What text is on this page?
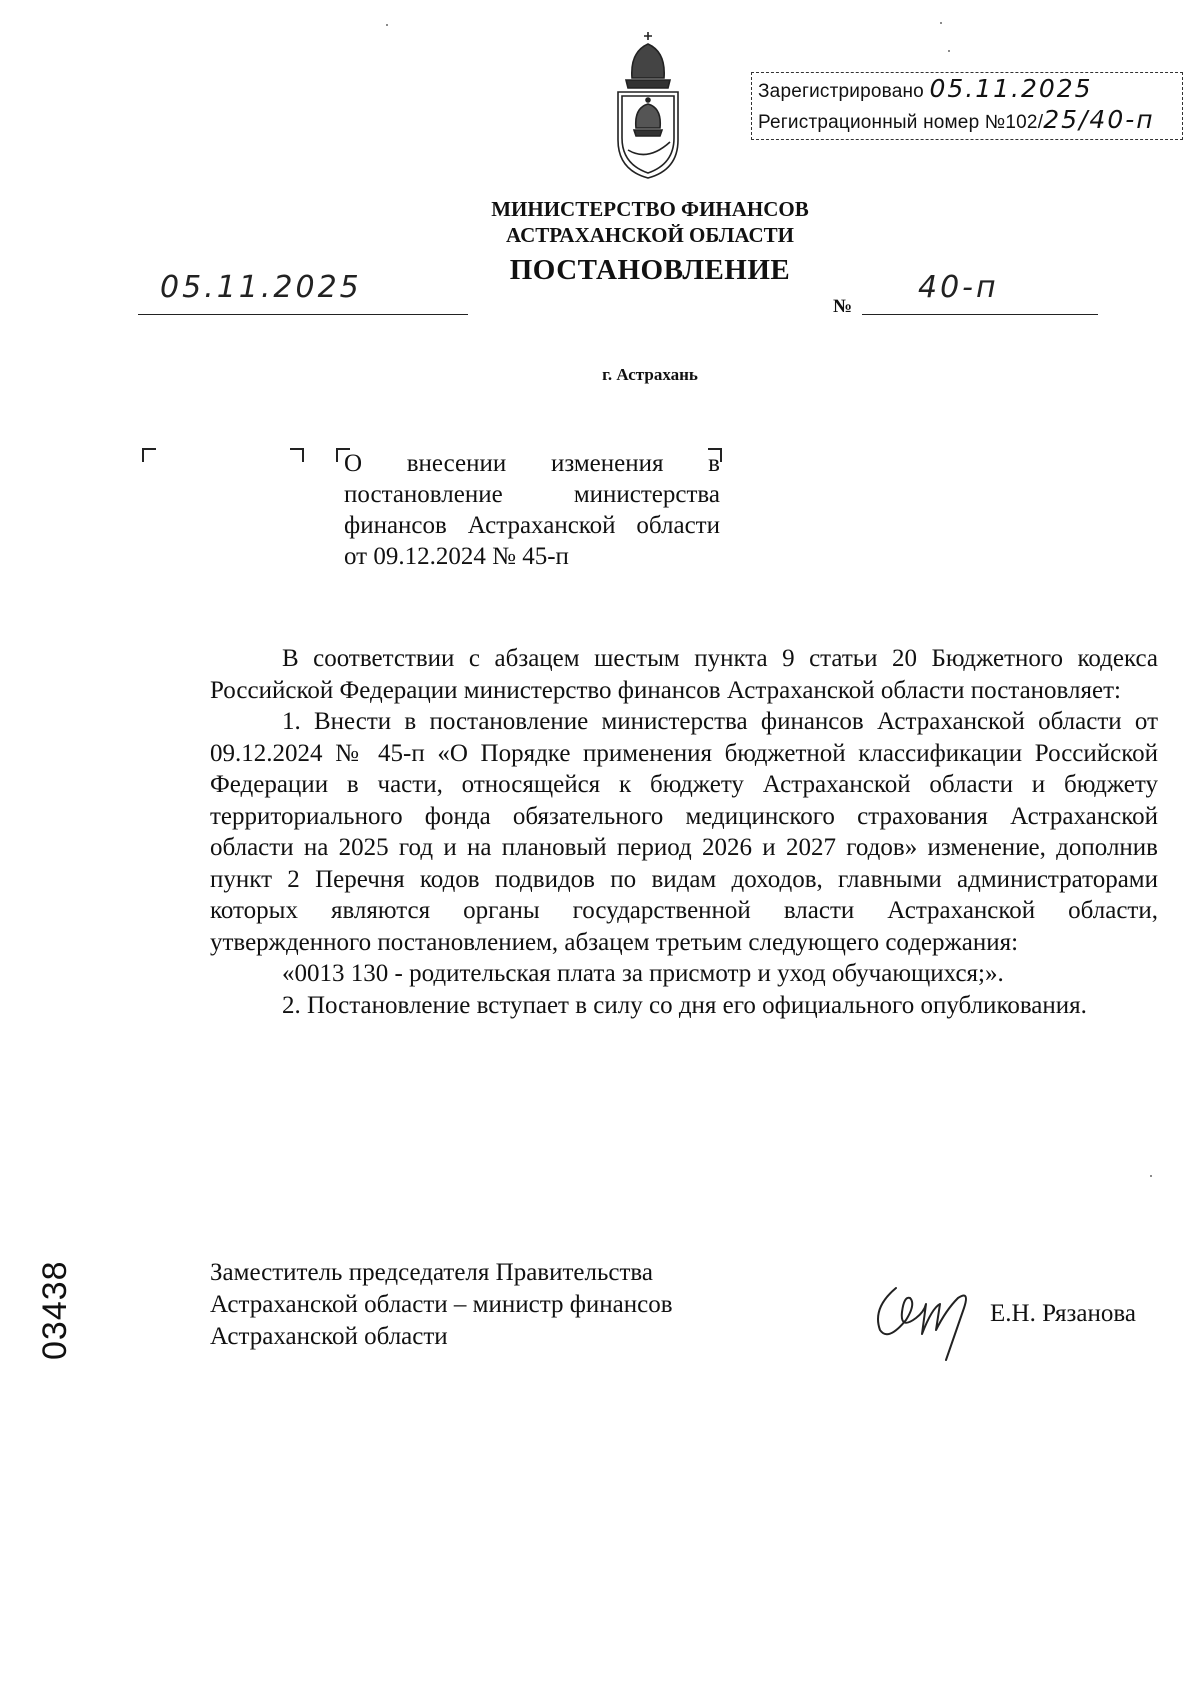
Зарегистрировано 05.11.2025
Регистрационный номер №102/25/40-п
МИНИСТЕРСТВО ФИНАНСОВ
АСТРАХАНСКОЙ ОБЛАСТИ
ПОСТАНОВЛЕНИЕ
05.11.2025
№
40-п
г. Астрахань
О внесении изменения в постановление министерства финансов Астраханской области от 09.12.2024 № 45-п

В соответствии с абзацем шестым пункта 9 статьи 20 Бюджетного кодекса Российской Федерации министерство финансов Астраханской области постановляет:

1. Внести в постановление министерства финансов Астраханской области от 09.12.2024 № 45-п «О Порядке применения бюджетной классификации Российской Федерации в части, относящейся к бюджету Астраханской области и бюджету территориального фонда обязательного медицинского страхования Астраханской области на 2025 год и на плановый период 2026 и 2027 годов» изменение, дополнив пункт 2 Перечня кодов подвидов по видам доходов, главными администраторами которых являются органы государственной власти Астраханской области, утвержденного постановлением, абзацем третьим следующего содержания:

«0013 130 - родительская плата за присмотр и уход обучающихся;».

2. Постановление вступает в силу со дня его официального опубликования.

Заместитель председателя Правительства
Астраханской области – министр финансов
Астраханской области
Е.Н. Рязанова
03438
